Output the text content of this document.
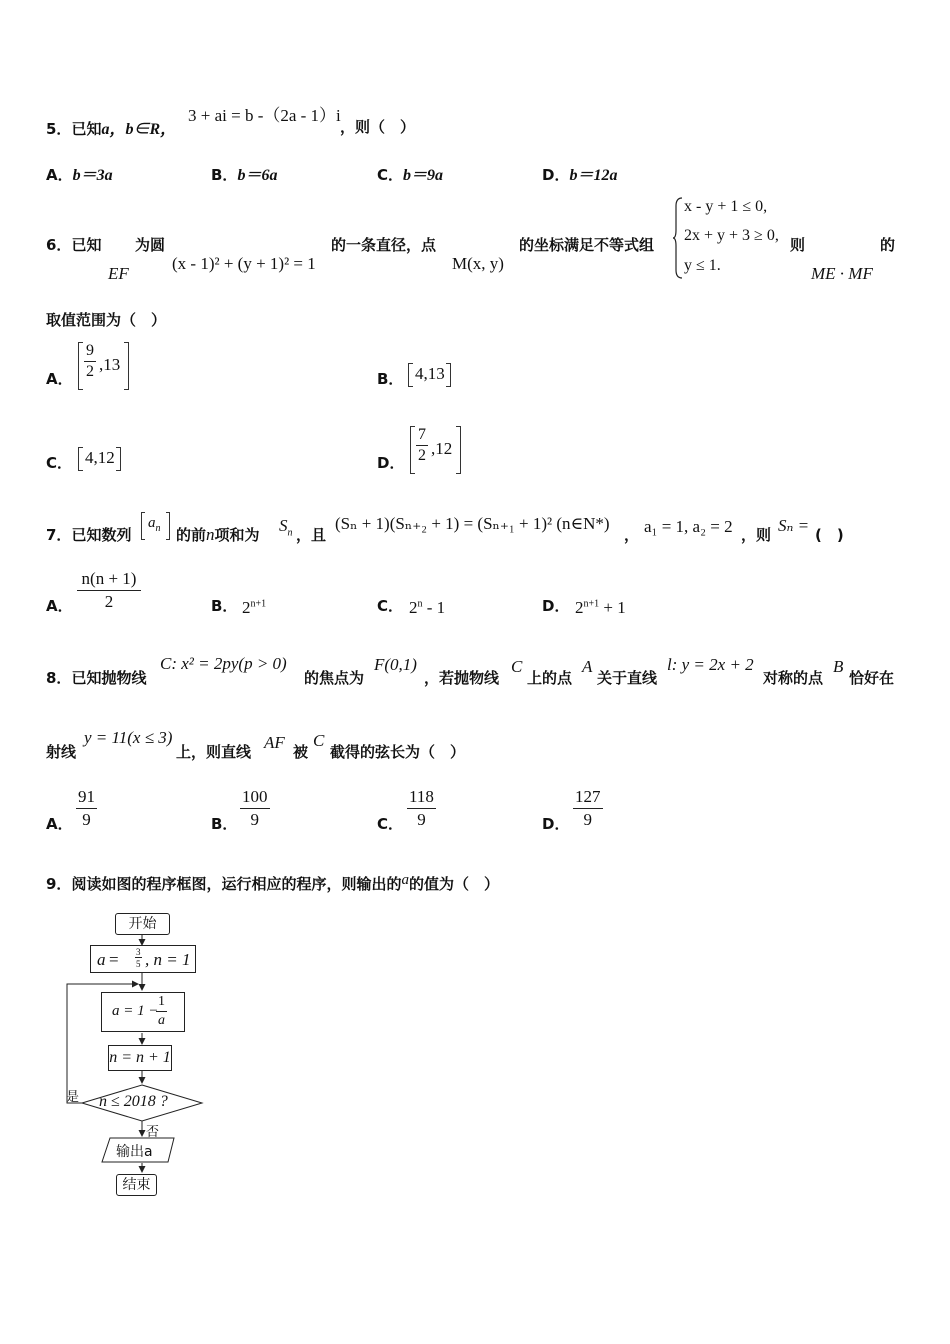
5．已知a，b∈R，
3 + ai = b -（2a - 1）i
，则（　）
A．b＝3a	B．b＝6a	C．b＝9a	D．b＝12a
6．已知
EF
为圆
(x - 1)² + (y + 1)² = 1
的一条直径，点
M(x, y)
的坐标满足不等式组
x - y + 1 ≤ 0,
2x + y + 3 ≥ 0,
y ≤ 1.
则
ME · MF
的
取值范围为（　）
A． $\frac{9}{2} ,13$
B． 4,13
C． 4,12	D． $\frac{7}{2} ,12$
7．已知数列
$a_n$ 的前n项和为 $S_n$ ，且
(Sₙ + 1)(Sₙ₊₂ + 1) = (Sₙ₊₁ + 1)² (n∈N*)
， a₁ = 1, a₂ = 2 ，则 Sₙ = (　)
A． $\frac{n(n + 1)}{2}$	B． $2^{n+1}$	C． 2$^n$ - 1	D． $2^{n+1} + 1$
8．已知抛物线
C: x² = 2py(p > 0)
的焦点为
F(0,1)
，若抛物线
C
上的点
A
关于直线
l: y = 2x + 2
对称的点
B
恰好在
射线
y = 11(x ≤ 3)
上，则直线 AF 被
C
截得的弦长为（　）
A． $\frac{91}{9}$	B． $\frac{100}{9}$	C． $\frac{118}{9}$	D． $\frac{127}{9}$
9．阅读如图的程序框图，运行相应的程序，则输出的a的值为（　）
开始
$a = \frac{3}{5}$ , n = 1
a = 1 −
$\frac{1}{a}$
n = n + 1
n ≤ 2018 ?
是
否
输出a
结束
